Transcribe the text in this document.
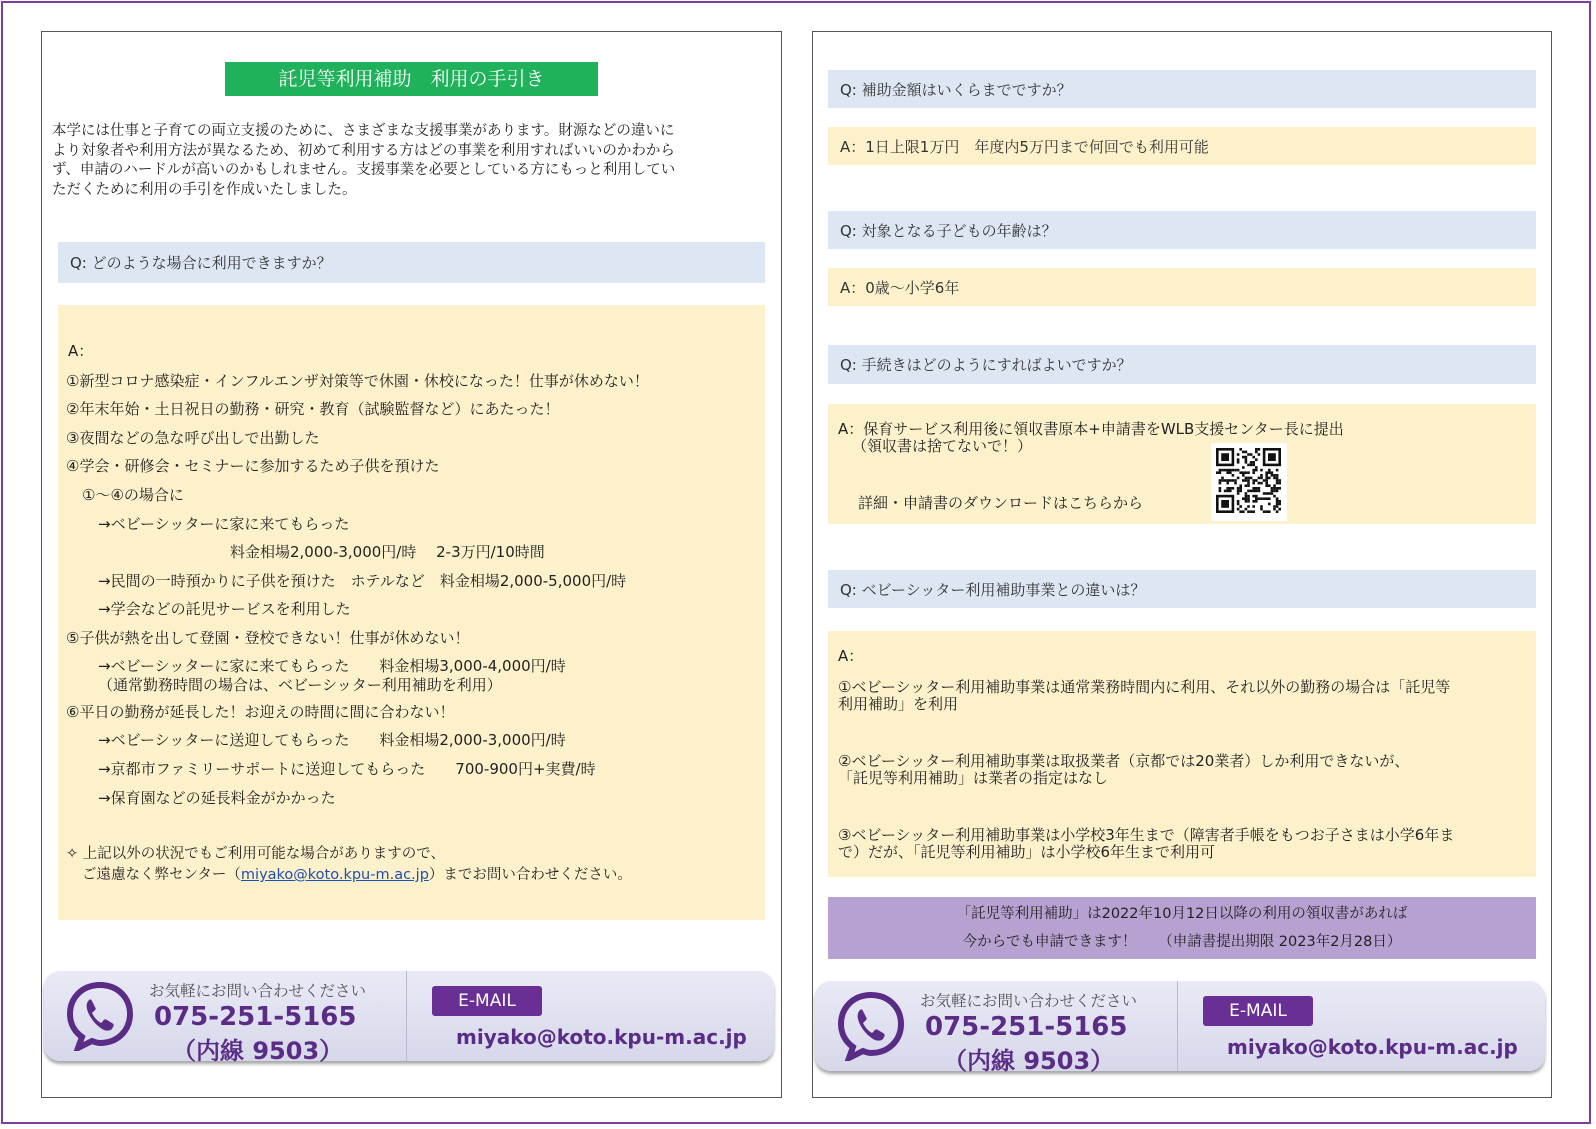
託児等利用補助　利用の手引き
本学には仕事と子育ての両立支援のために、さまざまな支援事業があります。財源などの違いに
より対象者や利用方法が異なるため、初めて利用する方はどの事業を利用すればいいのかわから
ず、申請のハードルが高いのかもしれません。支援事業を必要としている方にもっと利用してい
ただくために利用の手引を作成いたしました。
Q: どのような場合に利用できますか？
A：
①新型コロナ感染症・インフルエンザ対策等で休園・休校になった！仕事が休めない！
②年末年始・土日祝日の勤務・研究・教育（試験監督など）にあたった！
③夜間などの急な呼び出しで出勤した
④学会・研修会・セミナーに参加するため子供を預けた
①～④の場合に
→ベビーシッターに家に来てもらった
料金相場2,000-3,000円/時　 2-3万円/10時間
→民間の一時預かりに子供を預けた　ホテルなど　料金相場2,000-5,000円/時
→学会などの託児サービスを利用した
⑤子供が熱を出して登園・登校できない！仕事が休めない！
→ベビーシッターに家に来てもらった　　料金相場3,000-4,000円/時
（通常勤務時間の場合は、ベビーシッター利用補助を利用）
⑥平日の勤務が延長した！お迎えの時間に間に合わない！
→ベビーシッターに送迎してもらった　　料金相場2,000-3,000円/時
→京都市ファミリーサポートに送迎してもらった　　700-900円+実費/時
→保育園などの延長料金がかかった
✧ 上記以外の状況でもご利用可能な場合がありますので、
ご遠慮なく弊センター（miyako@koto.kpu-m.ac.jp）までお問い合わせください。
お気軽にお問い合わせください
075-251-5165
（内線 9503）
E-MAIL
miyako@koto.kpu-m.ac.jp
Q: 補助金額はいくらまでですか？
A：1日上限1万円　年度内5万円まで何回でも利用可能
Q: 対象となる子どもの年齢は？
A：0歳～小学6年
Q: 手続きはどのようにすればよいですか？
A：保育サービス利用後に領収書原本+申請書をWLB支援センター長に提出
（領収書は捨てないで！）
詳細・申請書のダウンロードはこちらから
Q: ベビーシッター利用補助事業との違いは？
A：
①ベビーシッター利用補助事業は通常業務時間内に利用、それ以外の勤務の場合は「託児等
利用補助」を利用
②ベビーシッター利用補助事業は取扱業者（京都では20業者）しか利用できないが、
「託児等利用補助」は業者の指定はなし
③ベビーシッター利用補助事業は小学校3年生まで（障害者手帳をもつお子さまは小学6年ま
で）だが、「託児等利用補助」は小学校6年生まで利用可
「託児等利用補助」は2022年10月12日以降の利用の領収書があれば
今からでも申請できます！　　（申請書提出期限 2023年2月28日）
お気軽にお問い合わせください
075-251-5165
（内線 9503）
E-MAIL
miyako@koto.kpu-m.ac.jp
